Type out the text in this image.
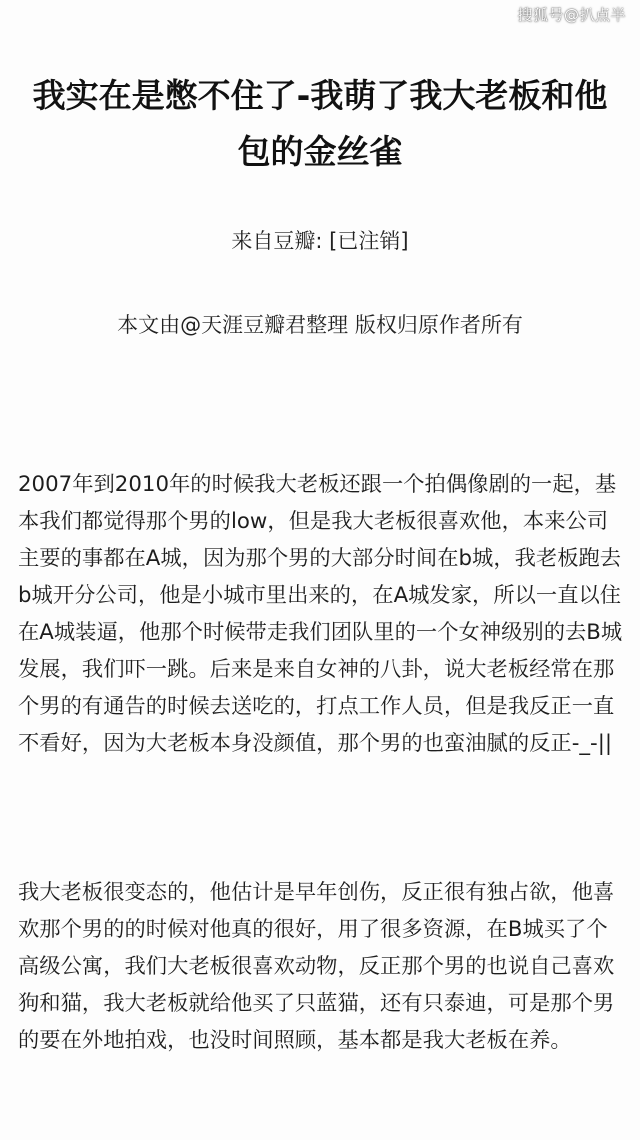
搜狐号@扒点半
我实在是憋不住了-我萌了我大老板和他
包的金丝雀
来自豆瓣: [已注销]
本文由@天涯豆瓣君整理 版权归原作者所有

2007年到2010年的时候我大老板还跟一个拍偶像剧的一起，基本我们都觉得那个男的low，但是我大老板很喜欢他，本来公司主要的事都在A城，因为那个男的大部分时间在b城，我老板跑去b城开分公司，他是小城市里出来的，在A城发家，所以一直以住在A城装逼，他那个时候带走我们团队里的一个女神级别的去B城发展，我们吓一跳。后来是来自女神的八卦，说大老板经常在那个男的有通告的时候去送吃的，打点工作人员，但是我反正一直不看好，因为大老板本身没颜值，那个男的也蛮油腻的反正-_-||

我大老板很变态的，他估计是早年创伤，反正很有独占欲，他喜欢那个男的的时候对他真的很好，用了很多资源，在B城买了个高级公寓，我们大老板很喜欢动物，反正那个男的也说自己喜欢狗和猫，我大老板就给他买了只蓝猫，还有只泰迪，可是那个男的要在外地拍戏，也没时间照顾，基本都是我大老板在养。
